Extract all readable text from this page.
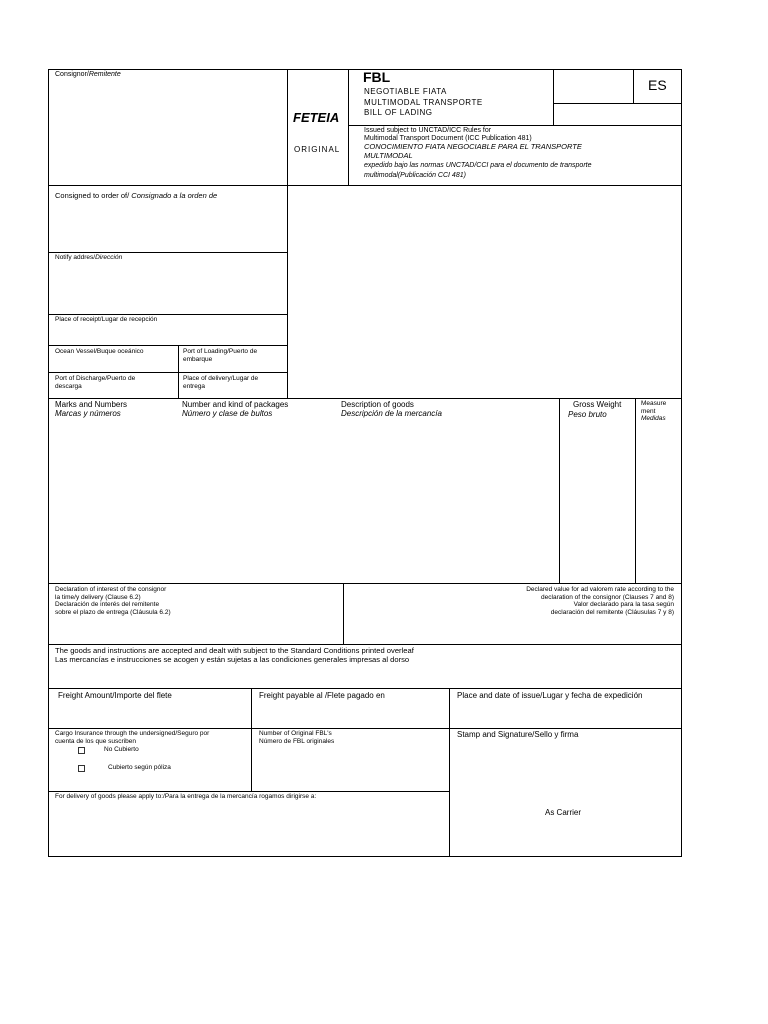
Consignor/Remitente
FETEIA
ORIGINAL
FBL
NEGOTIABLE FIATA
MULTIMODAL TRANSPORTE
BILL OF LADING
ES
Issued subject to UNCTAD/ICC Rules for
Multimodal Transport Document (ICC Publication 481)
CONOCIMIENTO FIATA NEGOCIABLE PARA EL TRANSPORTE
MULTIMODAL
expedido bajo las normas UNCTAD/CCI para el documento de transporte
multimodal(Publicación CCI 481)
Consigned to order of/ Consignado a la orden de
Notify addres/Dirección
Place of receipt/Lugar de recepción
Ocean Vessel/Buque oceánico	Port of Loading/Puerto de
embarque
Port of Discharge/Puerto de
descarga
Place of delivery/Lugar de
entrega
Marks and Numbers
Marcas y números
Number and kind of packages
Número y clase de bultos
Description of goods
Descripción de la mercancía
Gross Weight
Peso bruto
Measure
ment
Medidas
Declaration of interest of the consignor
la time/y delivery (Clause 6.2)
Declaración de interés del remitente
sobre el plazo de entrega (Cláusula 6.2)
Declared value for ad valorem rate according to the
declaration of the consignor (Clauses 7 and 8)
Valor declarado para la tasa según
declaración del remitente (Cláusulas 7 y 8)
The goods and instructions are accepted and dealt with subject to the Standard Conditions printed overleaf
Las mercancías e instrucciones se acogen y están sujetas a las condiciones generales impresas al dorso
Freight Amount/Importe del flete	Freight payable al /Flete pagado en	Place and date of issue/Lugar y fecha de expedición
Cargo Insurance through the undersigned/Seguro por
cuenta de los que suscriben
No Cubierto
Cubierto según póliza
Number of Original FBL's
Número de FBL originales
Stamp and Signature/Sello y firma
For delivery of goods please apply to:/Para la entrega de la mercancía rogamos dirigirse a:
As Carrier
